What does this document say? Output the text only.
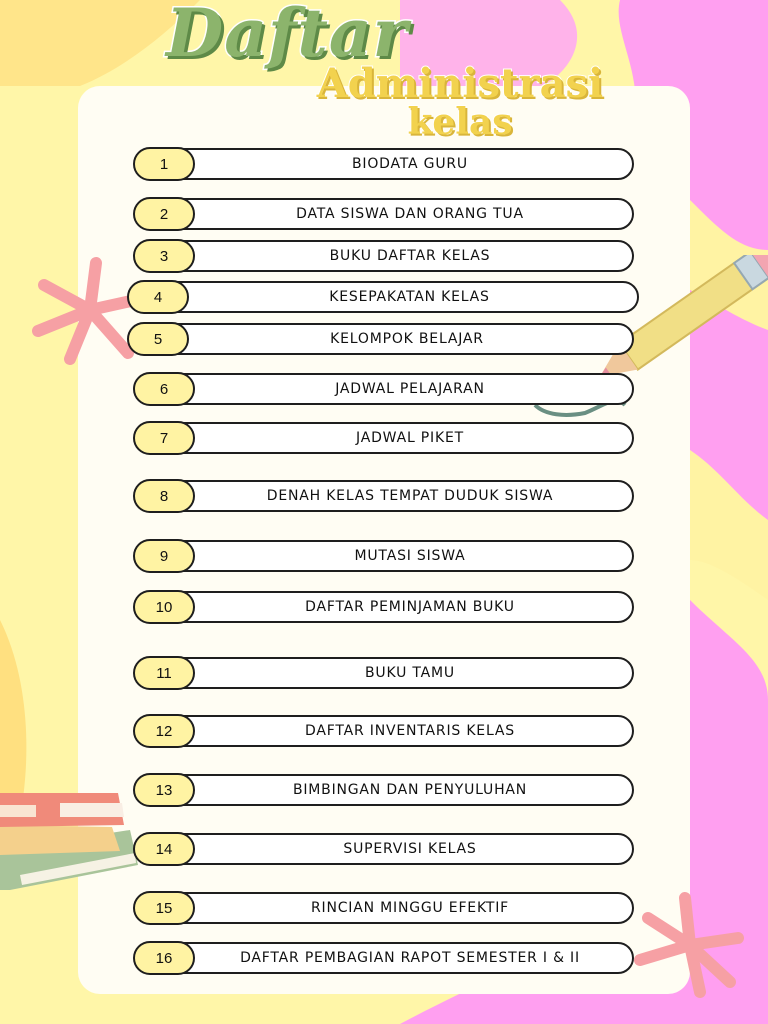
Daftar
Administrasi
kelas
1	BIODATA GURU
2	DATA SISWA DAN ORANG TUA
3	BUKU DAFTAR KELAS
4	KESEPAKATAN KELAS
5	KELOMPOK BELAJAR
6	JADWAL PELAJARAN
7	JADWAL PIKET
8	DENAH KELAS TEMPAT DUDUK SISWA
9	MUTASI SISWA
10	DAFTAR PEMINJAMAN BUKU
11	BUKU TAMU
12	DAFTAR INVENTARIS KELAS
13	BIMBINGAN DAN PENYULUHAN
14	SUPERVISI KELAS
15	RINCIAN MINGGU EFEKTIF
16	DAFTAR PEMBAGIAN RAPOT SEMESTER I & II
